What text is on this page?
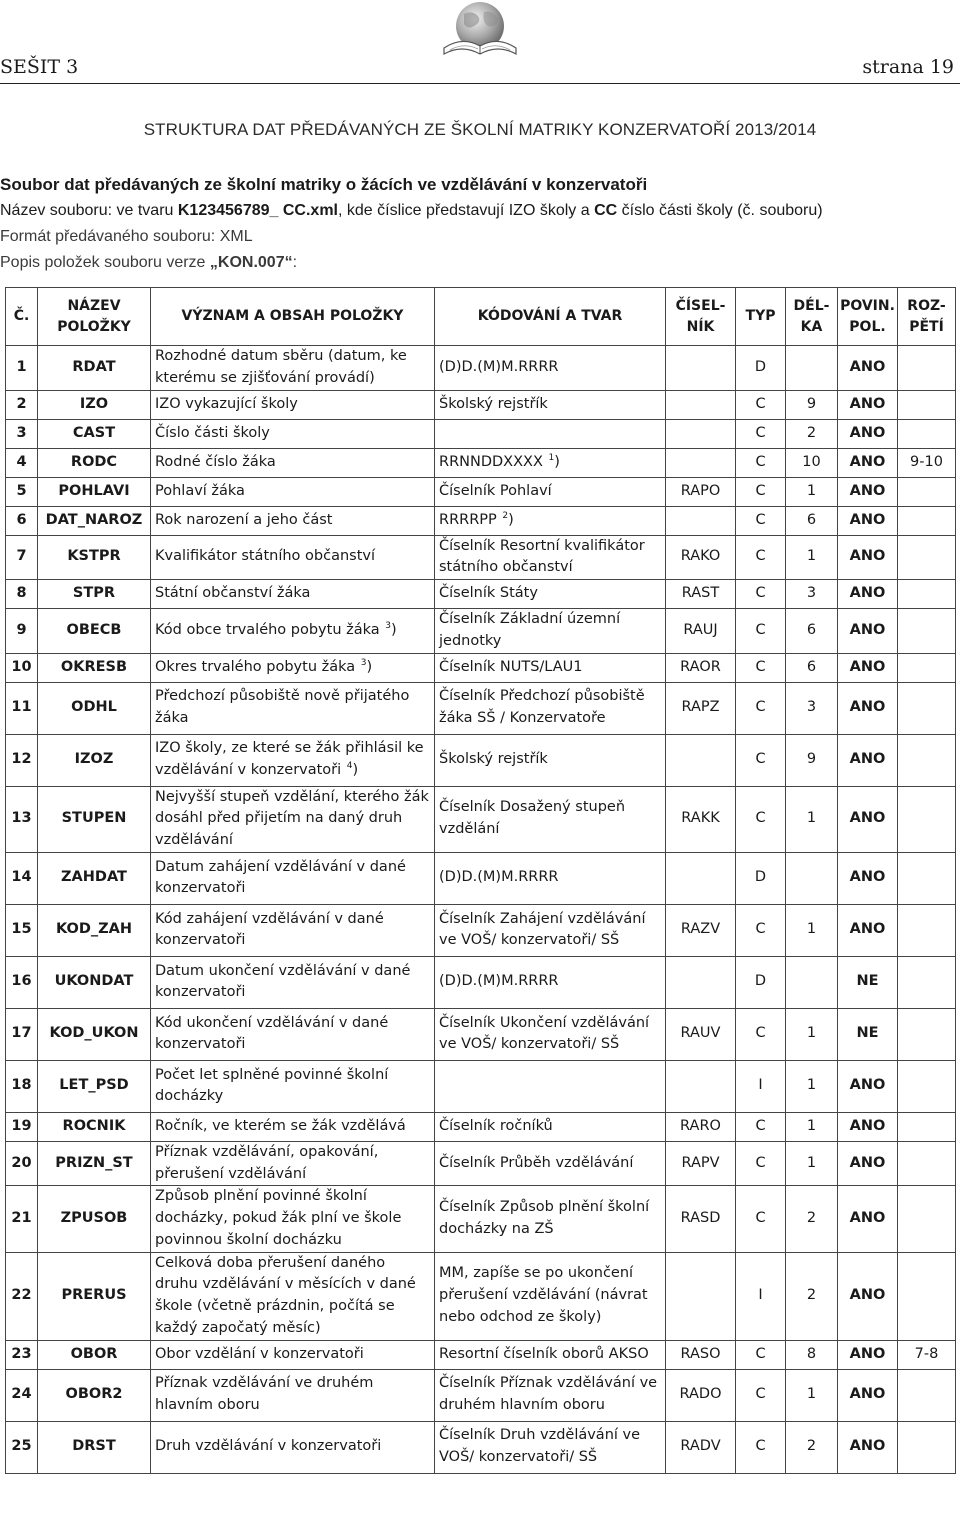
SEŠIT 3	strana 19
STRUKTURA DAT PŘEDÁVANÝCH ZE ŠKOLNÍ MATRIKY KONZERVATOŘÍ 2013/2014
Soubor dat předávaných ze školní matriky o žácích ve vzdělávání v konzervatoři
Název souboru: ve tvaru K123456789_ CC.xml, kde číslice představují IZO školy a CC číslo části školy (č. souboru)
Formát předávaného souboru: XML
Popis položek souboru verze „KON.007“:
Č.	NÁZEV POLOŽKY	VÝZNAM A OBSAH POLOŽKY	KÓDOVÁNÍ A TVAR	ČÍSEL- NÍK	TYP	DÉL- KA	POVIN. POL.	ROZ- PĚTÍ
1	RDAT	Rozhodné datum sběru (datum, ke kterému se zjišťování provádí)	(D)D.(M)M.RRRR		D		ANO	
2	IZO	IZO vykazující školy	Školský rejstřík		C	9	ANO	
3	CAST	Číslo části školy			C	2	ANO	
4	RODC	Rodné číslo žáka	RRNNDDXXXX $^1$)		C	10	ANO	9-10
5	POHLAVI	Pohlaví žáka	Číselník Pohlaví	RAPO	C	1	ANO	
6	DAT_NAROZ	Rok narození a jeho část	RRRRPP $^2$)		C	6	ANO	
7	KSTPR	Kvalifikátor státního občanství	Číselník Resortní kvalifikátor státního občanství	RAKO	C	1	ANO	
8	STPR	Státní občanství žáka	Číselník Státy	RAST	C	3	ANO	
9	OBECB	Kód obce trvalého pobytu žáka $^3$)	Číselník Základní územní jednotky	RAUJ	C	6	ANO	
10	OKRESB	Okres trvalého pobytu žáka $^3$)	Číselník NUTS/LAU1	RAOR	C	6	ANO	
11	ODHL	Předchozí působiště nově přijatého žáka	Číselník Předchozí působiště žáka SŠ / Konzervatoře	RAPZ	C	3	ANO	
12	IZOZ	IZO školy, ze které se žák přihlásil ke vzdělávání v konzervatoři $^4$)	Školský rejstřík		C	9	ANO	
13	STUPEN	Nejvyšší stupeň vzdělání, kterého žák dosáhl před přijetím na daný druh vzdělávání	Číselník Dosažený stupeň vzdělání	RAKK	C	1	ANO	
14	ZAHDAT	Datum zahájení vzdělávání v dané konzervatoři	(D)D.(M)M.RRRR		D		ANO	
15	KOD_ZAH	Kód zahájení vzdělávání v dané konzervatoři	Číselník Zahájení vzdělávání ve VOŠ/ konzervatoři/ SŠ	RAZV	C	1	ANO	
16	UKONDAT	Datum ukončení vzdělávání v dané konzervatoři	(D)D.(M)M.RRRR		D		NE	
17	KOD_UKON	Kód ukončení vzdělávání v dané konzervatoři	Číselník Ukončení vzdělávání ve VOŠ/ konzervatoři/ SŠ	RAUV	C	1	NE	
18	LET_PSD	Počet let splněné povinné školní docházky			I	1	ANO	
19	ROCNIK	Ročník, ve kterém se žák vzdělává	Číselník ročníků	RARO	C	1	ANO	
20	PRIZN_ST	Příznak vzdělávání, opakování, přerušení vzdělávání	Číselník Průběh vzdělávání	RAPV	C	1	ANO	
21	ZPUSOB	Způsob plnění povinné školní docházky, pokud žák plní ve škole povinnou školní docházku	Číselník Způsob plnění školní docházky na ZŠ	RASD	C	2	ANO	
22	PRERUS	Celková doba přerušení daného druhu vzdělávání v měsících v dané škole (včetně prázdnin, počítá se každý započatý měsíc)	MM, zapíše se po ukončení přerušení vzdělávání (návrat nebo odchod ze školy)		I	2	ANO	
23	OBOR	Obor vzdělání v konzervatoři	Resortní číselník oborů AKSO	RASO	C	8	ANO	7-8
24	OBOR2	Příznak vzdělávání ve druhém hlavním oboru	Číselník Příznak vzdělávání ve druhém hlavním oboru	RADO	C	1	ANO	
25	DRST	Druh vzdělávání v konzervatoři	Číselník Druh vzdělávání ve VOŠ/ konzervatoři/ SŠ	RADV	C	2	ANO	
